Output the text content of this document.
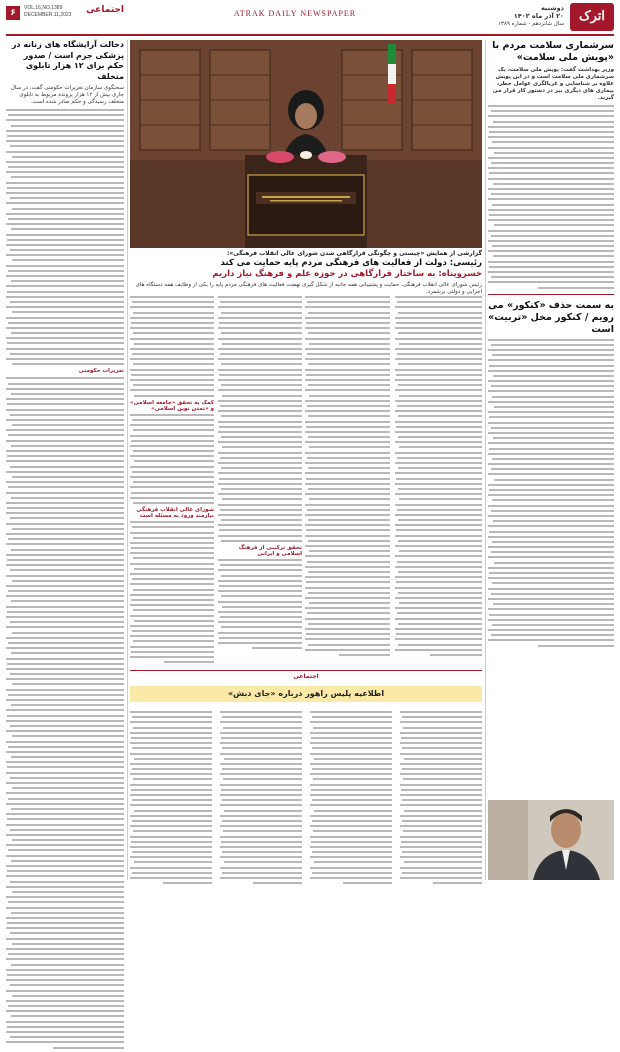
۶	VOL.16,NO.1389
DECEMBER.11,2023	اجتماعی	ATRAK DAILY NEWSPAPER	اترک
دوشنبه
۲۰ آذر ماه ۱۴۰۲
سال شانزدهم - شماره ۱۳۸۹
سرشماری سلامت مردم با «پویش ملی سلامت»
وزیر بهداشت گفت: پویش ملی سلامت، یک سرشماری ملی سلامت است و در این پویش علاوه بر شناسایی و غربالگری عوامل خطر، بیماری های دیگری نیز در دستور کار قرار می گیرند.
به سمت حذف «کنکور» می رویم / کنکور مخل «تربیت» است
گزارشی از همایش «چیستی و چگونگی قرارگاهی شدن شورای عالی انقلاب فرهنگی»:
رئیسی: دولت از فعالیت های فرهنگی مردم پایه حمایت می کند
خسروپناه: به ساختار قرارگاهی در حوزه علم و فرهنگ نیاز داریم
رئیس شورای عالی انقلاب فرهنگی، حمایت و پشتیبانی همه جانبه از شکل گیری نهضت فعالیت های فرهنگی مردم پایه را یکی از وظایف همه دستگاه های اجرایی و دولتی برشمرد.
تحقق ترکیبی از فرهنگ اسلامی و ایرانی
کمک به تحقق «جامعه اسلامی» و «تمدن نوین اسلامی»
شورای عالی انقلاب فرهنگی نیازمند ورود به مسئله است
اجتماعی
اطلاعیه پلیس راهور درباره «جای دبش»
دخالت آرایشگاه های زنانه در پزشکی جرم است / صدور حکم برای ۱۲ هزار تابلوی متخلف
سخنگوی سازمان تعزیرات حکومتی گفت: در سال جاری بیش از ۱۲ هزار پرونده مربوط به تابلوی متخلف رسیدگی و حکم صادر شده است.
تعزیرات حکومتی
